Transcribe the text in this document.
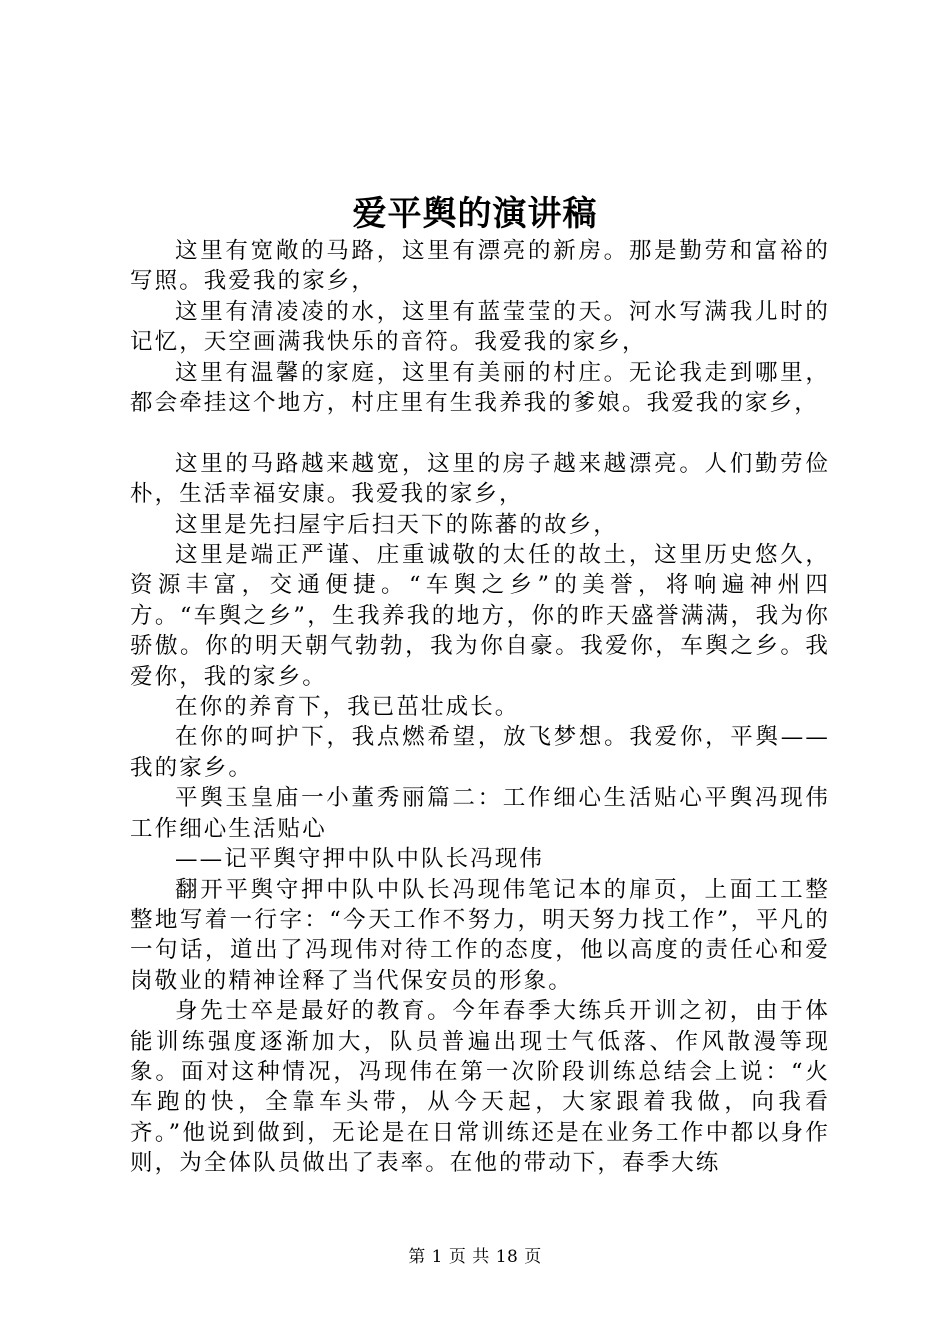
爱平舆的演讲稿

这里有宽敞的马路，这里有漂亮的新房。那是勤劳和富裕的写照。我爱我的家乡，

这里有清凌凌的水，这里有蓝莹莹的天。河水写满我儿时的记忆，天空画满我快乐的音符。我爱我的家乡，

这里有温馨的家庭，这里有美丽的村庄。无论我走到哪里，都会牵挂这个地方，村庄里有生我养我的爹娘。我爱我的家乡，

这里的马路越来越宽，这里的房子越来越漂亮。人们勤劳俭朴，生活幸福安康。我爱我的家乡，

这里是先扫屋宇后扫天下的陈蕃的故乡，

这里是端正严谨、庄重诚敬的太任的故土，这里历史悠久，资源丰富，交通便捷。“车舆之乡”的美誉，将响遍神州四方。“车舆之乡”，生我养我的地方，你的昨天盛誉满满，我为你骄傲。你的明天朝气勃勃，我为你自豪。我爱你，车舆之乡。我爱你，我的家乡。

在你的养育下，我已茁壮成长。

在你的呵护下，我点燃希望，放飞梦想。我爱你，平舆——我的家乡。

平舆玉皇庙一小董秀丽篇二：工作细心生活贴心平舆冯现伟工作细心生活贴心

——记平舆守押中队中队长冯现伟

翻开平舆守押中队中队长冯现伟笔记本的扉页，上面工工整整地写着一行字：“今天工作不努力，明天努力找工作”，平凡的一句话，道出了冯现伟对待工作的态度，他以高度的责任心和爱岗敬业的精神诠释了当代保安员的形象。

身先士卒是最好的教育。今年春季大练兵开训之初，由于体能训练强度逐渐加大，队员普遍出现士气低落、作风散漫等现象。面对这种情况，冯现伟在第一次阶段训练总结会上说：“火车跑的快，全靠车头带，从今天起，大家跟着我做，向我看齐。”他说到做到，无论是在日常训练还是在业务工作中都以身作则，为全体队员做出了表率。在他的带动下，春季大练

第 1 页 共 18 页
